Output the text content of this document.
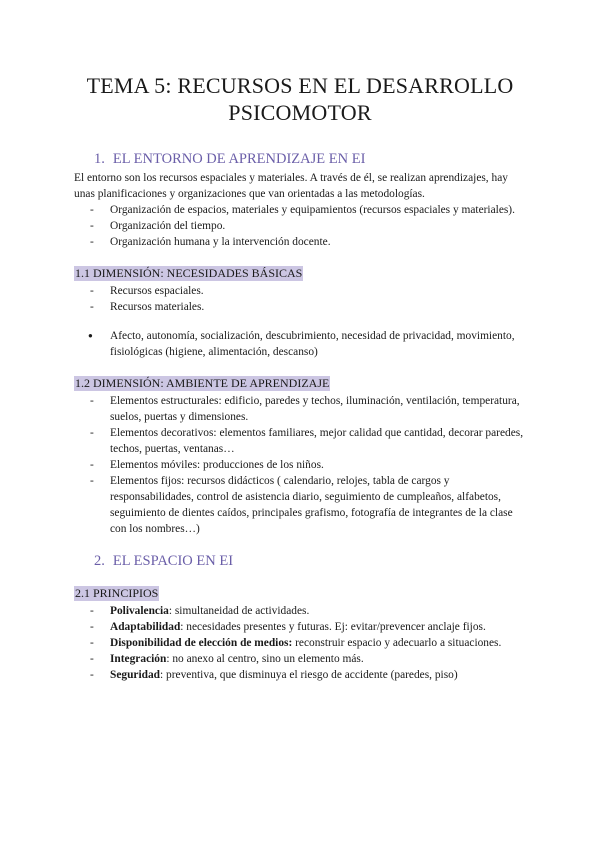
TEMA 5: RECURSOS EN EL DESARROLLO
PSICOMOTOR
1. EL ENTORNO DE APRENDIZAJE EN EI

El entorno son los recursos espaciales y materiales. A través de él, se realizan aprendizajes, hay unas planificaciones y organizaciones que van orientadas a las metodologías.

- Organización de espacios, materiales y equipamientos (recursos espaciales y materiales).
- Organización del tiempo.
- Organización humana y la intervención docente.
1.1 DIMENSIÓN: NECESIDADES BÁSICAS
- Recursos espaciales.
- Recursos materiales.
● Afecto, autonomía, socialización, descubrimiento, necesidad de privacidad, movimiento, fisiológicas (higiene, alimentación, descanso)
1.2 DIMENSIÓN: AMBIENTE DE APRENDIZAJE
- Elementos estructurales: edificio, paredes y techos, iluminación, ventilación, temperatura, suelos, puertas y dimensiones.
- Elementos decorativos: elementos familiares, mejor calidad que cantidad, decorar paredes, techos, puertas, ventanas…
- Elementos móviles: producciones de los niños.
- Elementos fijos: recursos didácticos ( calendario, relojes, tabla de cargos y responsabilidades, control de asistencia diario, seguimiento de cumpleaños, alfabetos, seguimiento de dientes caídos, principales grafismo, fotografía de integrantes de la clase con los nombres…)
2. EL ESPACIO EN EI
2.1 PRINCIPIOS
- Polivalencia: simultaneidad de actividades.
- Adaptabilidad: necesidades presentes y futuras. Ej: evitar/prevencer anclaje fijos.
- Disponibilidad de elección de medios: reconstruir espacio y adecuarlo a situaciones.
- Integración: no anexo al centro, sino un elemento más.
- Seguridad: preventiva, que disminuya el riesgo de accidente (paredes, piso)
